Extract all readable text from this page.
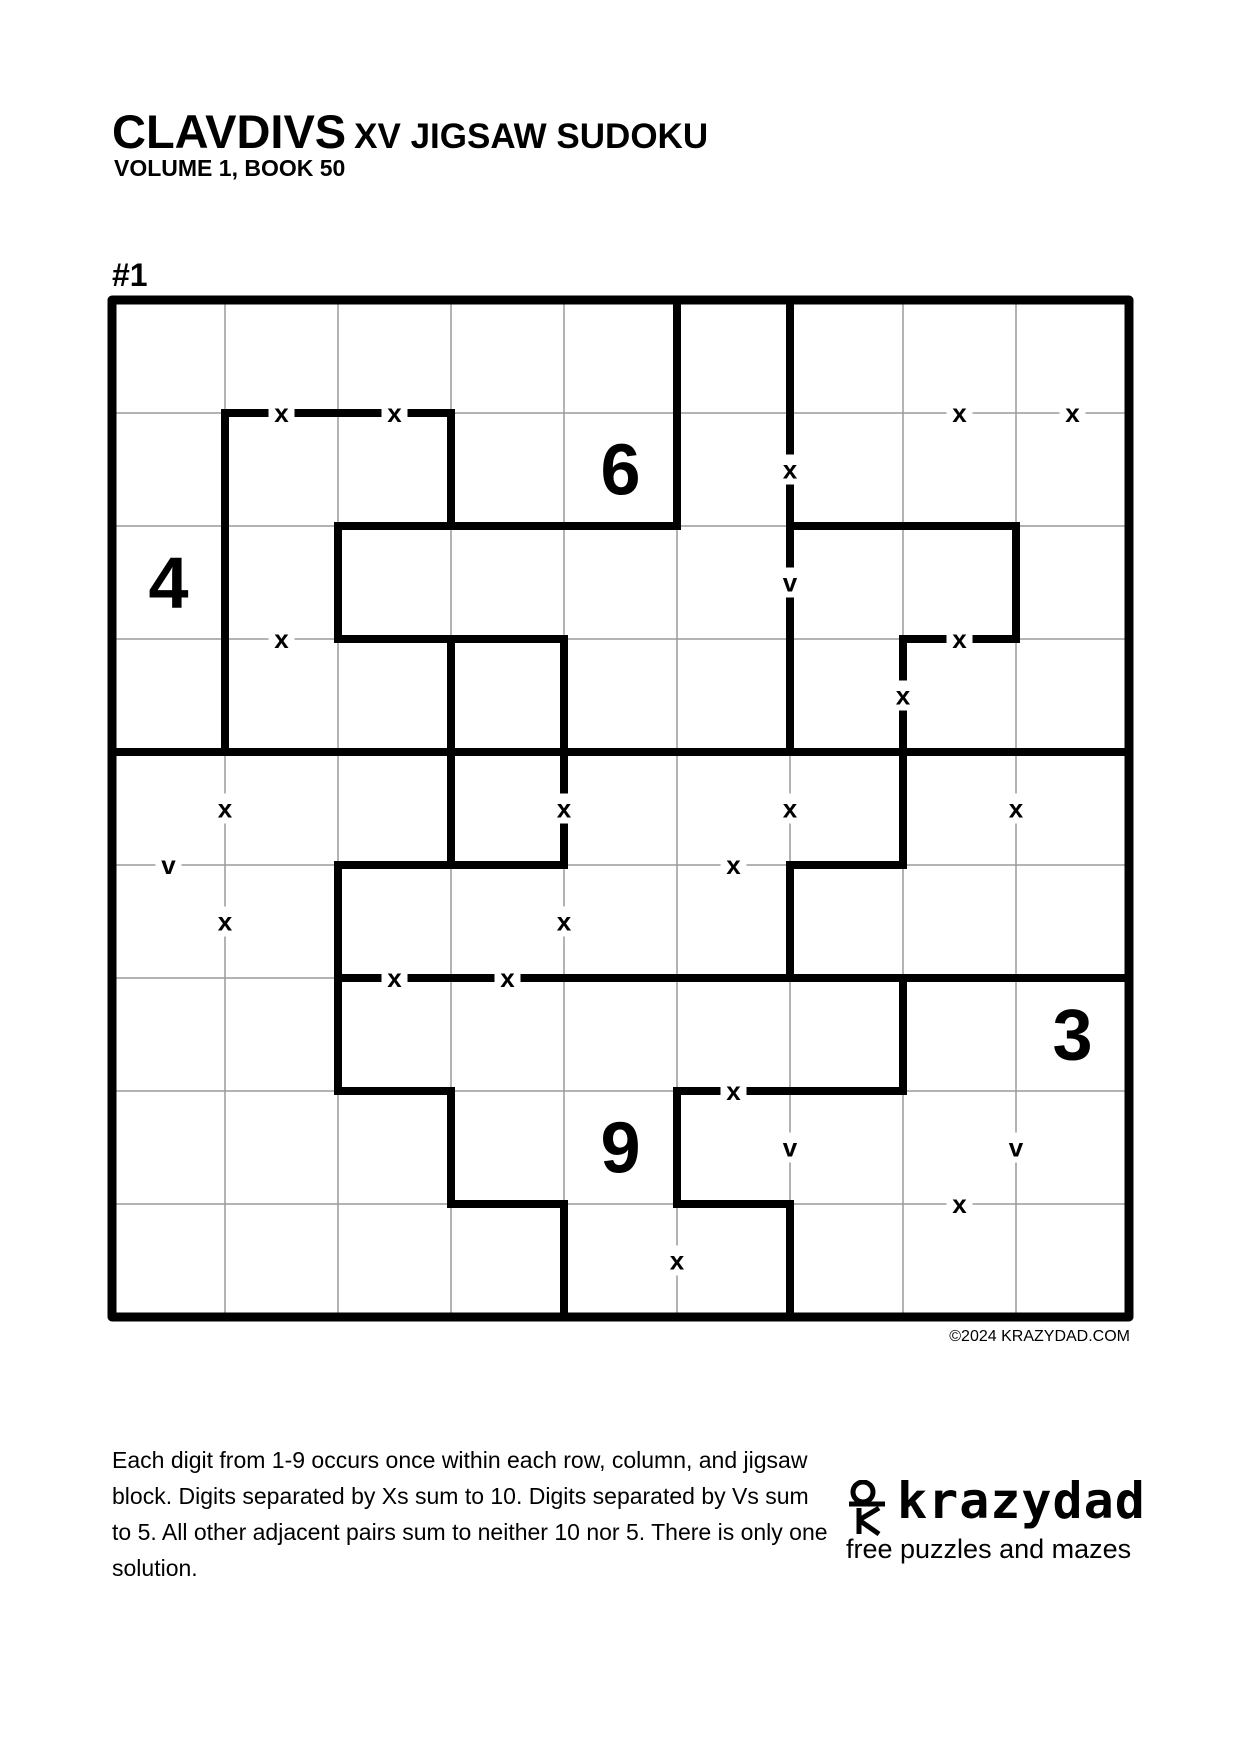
CLAVDIVS XV JIGSAW SUDOKU
VOLUME 1, BOOK 50
#1
x	x	x	x
x
v
x	x
x
x	x	x	x
v	x
x	x
x	x
x
v	v
x
x
6
4
3
9
©2024 KRAZYDAD.COM
Each digit from 1-9 occurs once within each row, column, and jigsaw block. Digits separated by Xs sum to 10. Digits separated by Vs sum to 5. All other adjacent pairs sum to neither 10 nor 5. There is only one solution.
krazydad
free puzzles and mazes
